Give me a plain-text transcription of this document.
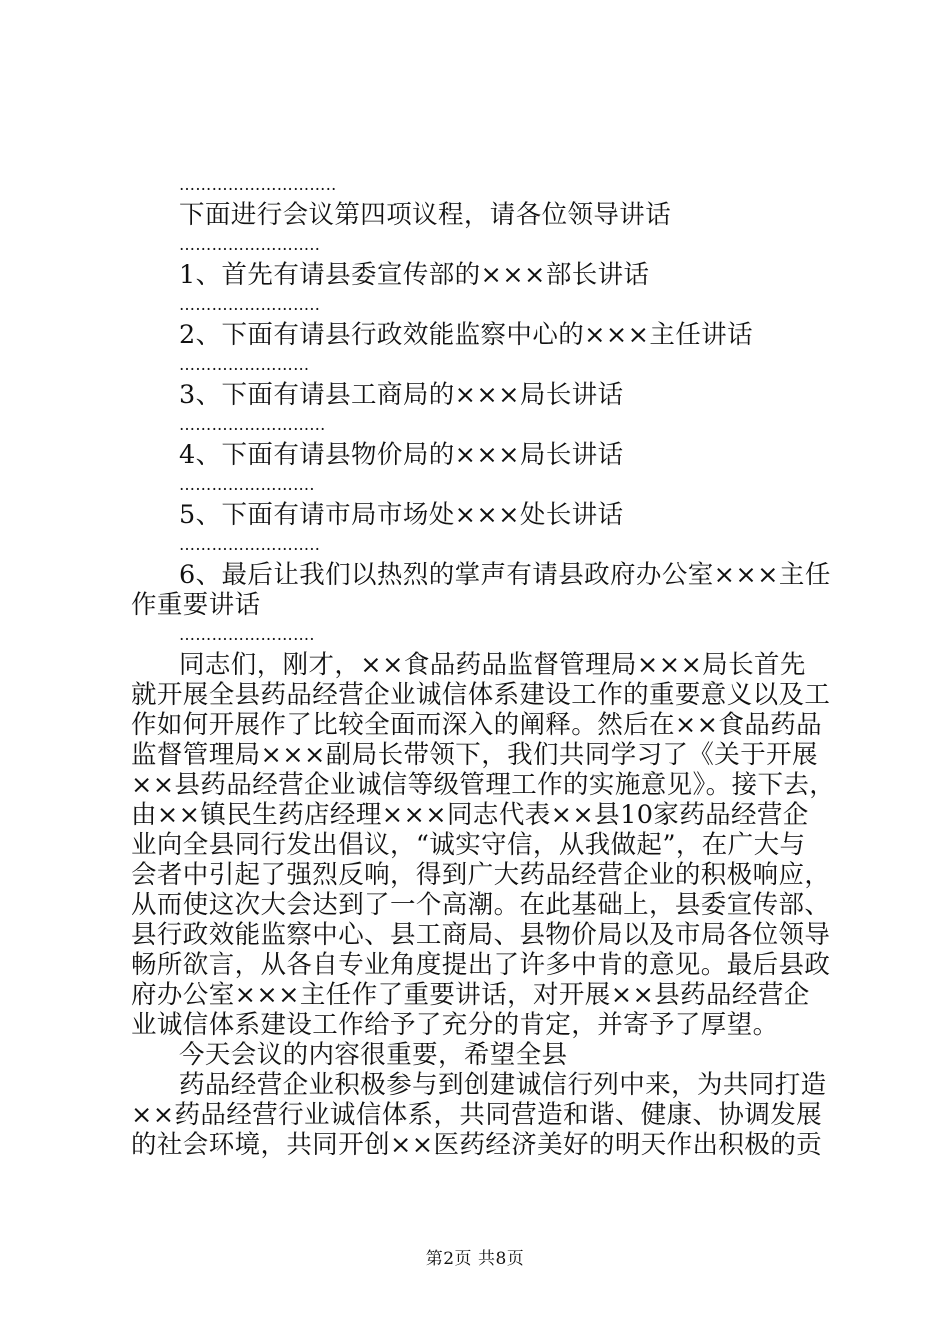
………………………..
下面进行会议第四项议程，请各位领导讲话
……………………..
1、首先有请县委宣传部的×××部长讲话
……………………..
2、下面有请县行政效能监察中心的×××主任讲话
……………………
3、下面有请县工商局的×××局长讲话
……………………...
4、下面有请县物价局的×××局长讲话
…………………….
5、下面有请市局市场处×××处长讲话
……………………..
6、最后让我们以热烈的掌声有请县政府办公室×××主任
作重要讲话
…………………….
同志们，刚才，××食品药品监督管理局×××局长首先
就开展全县药品经营企业诚信体系建设工作的重要意义以及工
作如何开展作了比较全面而深入的阐释。然后在××食品药品
监督管理局×××副局长带领下，我们共同学习了《关于开展
××县药品经营企业诚信等级管理工作的实施意见》。接下去，
由××镇民生药店经理×××同志代表××县10家药品经营企
业向全县同行发出倡议，“诚实守信，从我做起”，在广大与
会者中引起了强烈反响，得到广大药品经营企业的积极响应，
从而使这次大会达到了一个高潮。在此基础上，县委宣传部、
县行政效能监察中心、县工商局、县物价局以及市局各位领导
畅所欲言，从各自专业角度提出了许多中肯的意见。最后县政
府办公室×××主任作了重要讲话，对开展××县药品经营企
业诚信体系建设工作给予了充分的肯定，并寄予了厚望。
今天会议的内容很重要，希望全县
药品经营企业积极参与到创建诚信行列中来，为共同打造
××药品经营行业诚信体系，共同营造和谐、健康、协调发展
的社会环境，共同开创××医药经济美好的明天作出积极的贡
第2页 共8页
